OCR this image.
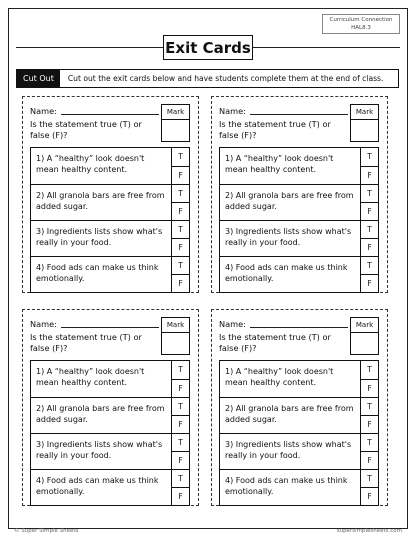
Curriculum Connection
HAL8.3
Exit Cards
Cut Out	Cut out the exit cards below and have students complete them at the end of class.
Name:
Is the statement true (T) or false (F)?
Mark
1) A “healthy” look doesn't mean healthy content.
T
F
2) All granola bars are free from added sugar.
T
F
3) Ingredients lists show what's really in your food.
T
F
4) Food ads can make us think emotionally.
T
F
Name:
Is the statement true (T) or false (F)?
Mark
1) A “healthy” look doesn't mean healthy content.
T
F
2) All granola bars are free from added sugar.
T
F
3) Ingredients lists show what's really in your food.
T
F
4) Food ads can make us think emotionally.
T
F
Name:
Is the statement true (T) or false (F)?
Mark
1) A “healthy” look doesn't mean healthy content.
T
F
2) All granola bars are free from added sugar.
T
F
3) Ingredients lists show what's really in your food.
T
F
4) Food ads can make us think emotionally.
T
F
Name:
Is the statement true (T) or false (F)?
Mark
1) A “healthy” look doesn't mean healthy content.
T
F
2) All granola bars are free from added sugar.
T
F
3) Ingredients lists show what's really in your food.
T
F
4) Food ads can make us think emotionally.
T
F
© Super Simple Sheets	supersimplesheets.com
